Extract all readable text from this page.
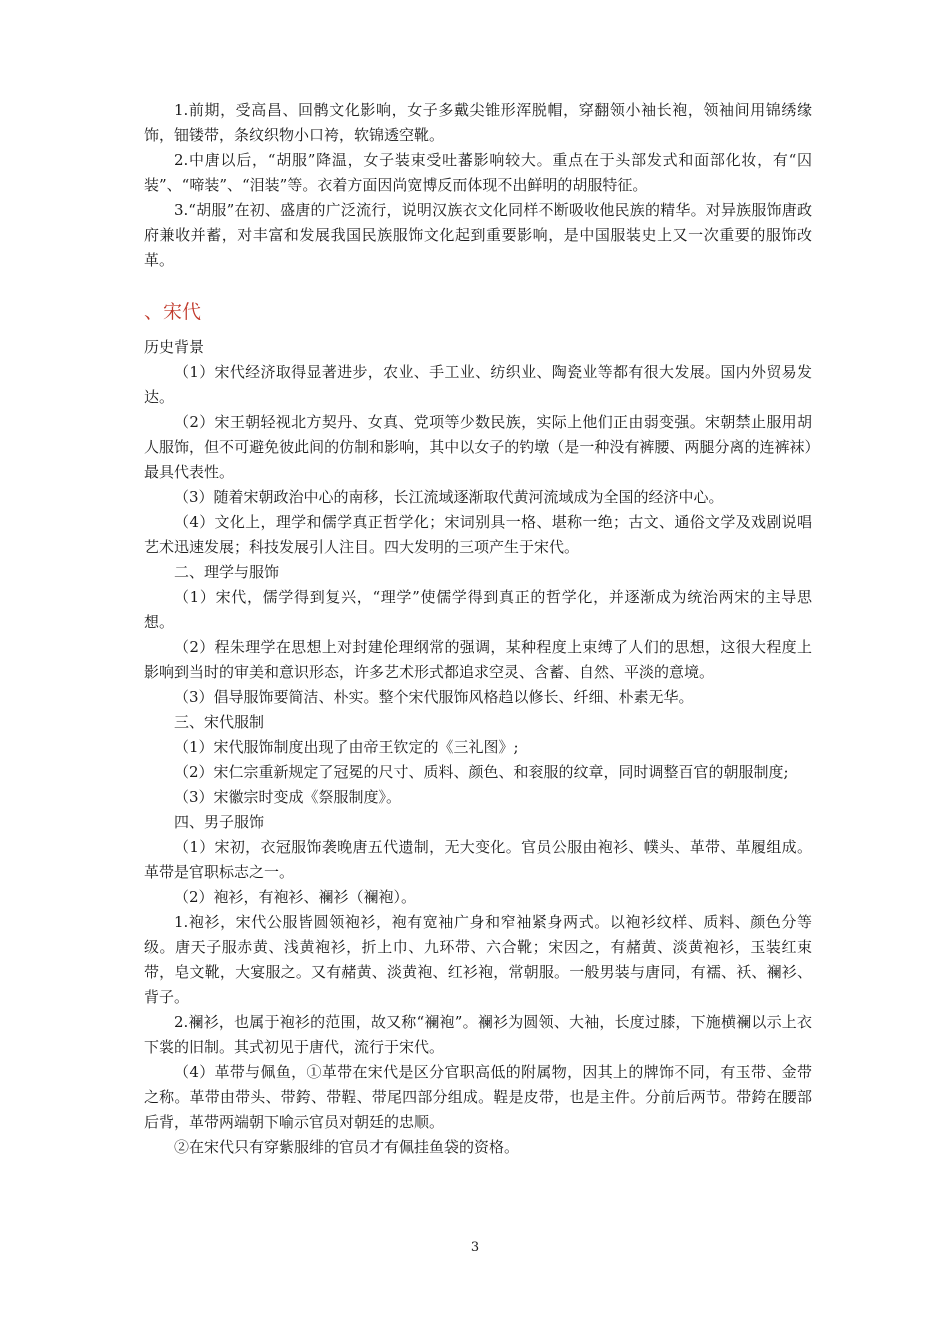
1.前期，受高昌、回鹘文化影响，女子多戴尖锥形浑脱帽，穿翻领小袖长袍，领袖间用锦绣缘饰，钿镂带，条纹织物小口袴，软锦透空靴。

2.中唐以后，“胡服”降温，女子装束受吐蕃影响较大。重点在于头部发式和面部化妆，有“囚装”、“啼装”、“泪装”等。衣着方面因尚宽博反而体现不出鲜明的胡服特征。

3.“胡服”在初、盛唐的广泛流行，说明汉族衣文化同样不断吸收他民族的精华。对异族服饰唐政府兼收并蓄，对丰富和发展我国民族服饰文化起到重要影响，是中国服装史上又一次重要的服饰改革。

、宋代

历史背景

（1）宋代经济取得显著进步，农业、手工业、纺织业、陶瓷业等都有很大发展。国内外贸易发达。

（2）宋王朝轻视北方契丹、女真、党项等少数民族，实际上他们正由弱变强。宋朝禁止服用胡人服饰，但不可避免彼此间的仿制和影响，其中以女子的钓墩（是一种没有裤腰、两腿分离的连裤袜）最具代表性。

（3）随着宋朝政治中心的南移，长江流域逐渐取代黄河流域成为全国的经济中心。

（4）文化上，理学和儒学真正哲学化；宋词别具一格、堪称一绝；古文、通俗文学及戏剧说唱艺术迅速发展；科技发展引人注目。四大发明的三项产生于宋代。

二、理学与服饰

（1）宋代，儒学得到复兴，“理学”使儒学得到真正的哲学化，并逐渐成为统治两宋的主导思想。

（2）程朱理学在思想上对封建伦理纲常的强调，某种程度上束缚了人们的思想，这很大程度上影响到当时的审美和意识形态，许多艺术形式都追求空灵、含蓄、自然、平淡的意境。

（3）倡导服饰要简洁、朴实。整个宋代服饰风格趋以修长、纤细、朴素无华。

三、宋代服制

（1）宋代服饰制度出现了由帝王钦定的《三礼图》;

（2）宋仁宗重新规定了冠冕的尺寸、质料、颜色、和衮服的纹章，同时调整百官的朝服制度;

（3）宋徽宗时变成《祭服制度》。

四、男子服饰

（1）宋初，衣冠服饰袭晚唐五代遗制，无大变化。官员公服由袍衫、幞头、革带、革履组成。革带是官职标志之一。

（2）袍衫，有袍衫、襕衫（襕袍）。

1.袍衫，宋代公服皆圆领袍衫，袍有宽袖广身和窄袖紧身两式。以袍衫纹样、质料、颜色分等级。唐天子服赤黄、浅黄袍衫，折上巾、九环带、六合靴；宋因之，有赭黄、淡黄袍衫，玉装红束带，皂文靴，大宴服之。又有赭黄、淡黄袍、红衫袍，常朝服。一般男装与唐同，有襦、袄、襕衫、背子。

2.襕衫，也属于袍衫的范围，故又称“襕袍”。襕衫为圆领、大袖，长度过膝，下施横襕以示上衣下裳的旧制。其式初见于唐代，流行于宋代。

（4）革带与佩鱼，①革带在宋代是区分官职高低的附属物，因其上的牌饰不同，有玉带、金带之称。革带由带头、带銙、带鞓、带尾四部分组成。鞓是皮带，也是主件。分前后两节。带銙在腰部后背，革带两端朝下喻示官员对朝廷的忠顺。

②在宋代只有穿紫服绯的官员才有佩挂鱼袋的资格。

3
